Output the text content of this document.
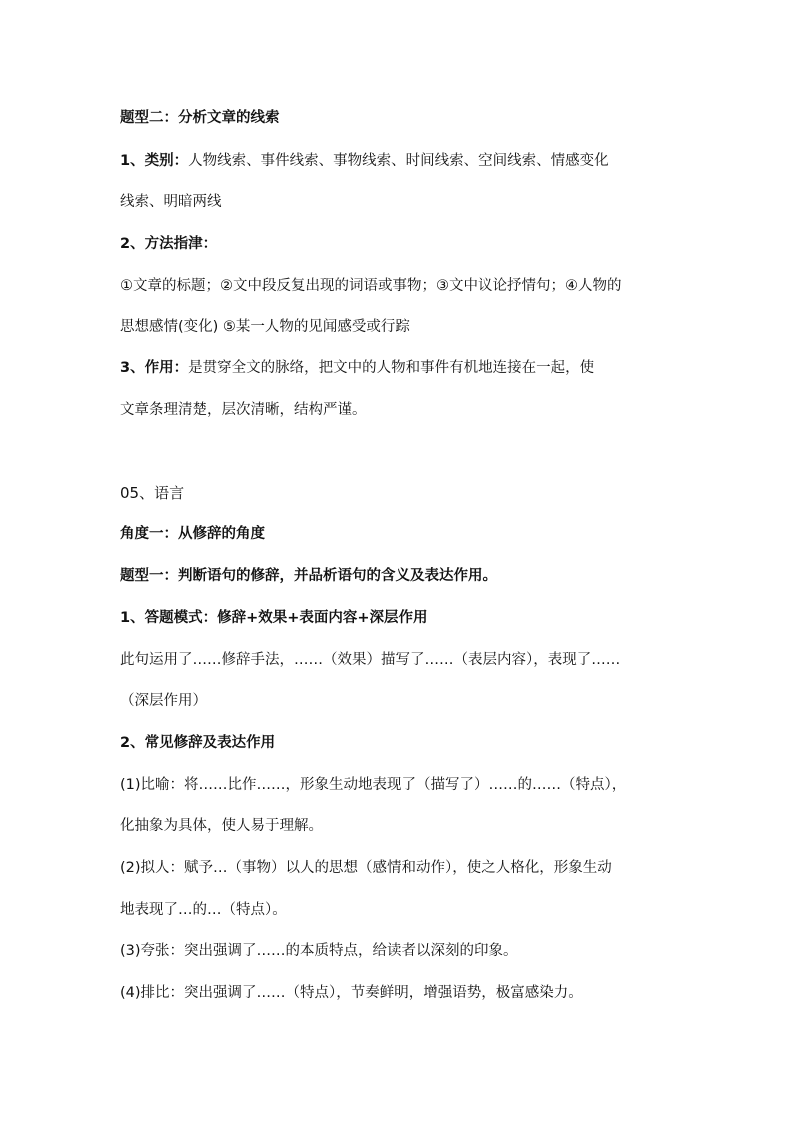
题型二：分析文章的线索
1、类别：人物线索、事件线索、事物线索、时间线索、空间线索、情感变化
线索、明暗两线
2、方法指津：
①文章的标题；②文中段反复出现的词语或事物；③文中议论抒情句；④人物的
思想感情(变化) ⑤某一人物的见闻感受或行踪
3、作用：是贯穿全文的脉络，把文中的人物和事件有机地连接在一起，使
文章条理清楚，层次清晰，结构严谨。
05、语言
角度一：从修辞的角度
题型一：判断语句的修辞，并品析语句的含义及表达作用。
1、答题模式：修辞+效果+表面内容+深层作用
此句运用了……修辞手法，……（效果）描写了……（表层内容），表现了……
（深层作用）
2、常见修辞及表达作用
(1)比喻：将……比作……，形象生动地表现了（描写了）……的……（特点），
化抽象为具体，使人易于理解。
(2)拟人：赋予…（事物）以人的思想（感情和动作），使之人格化，形象生动
地表现了…的…（特点）。
(3)夸张：突出强调了……的本质特点，给读者以深刻的印象。
(4)排比：突出强调了……（特点），节奏鲜明，增强语势，极富感染力。
